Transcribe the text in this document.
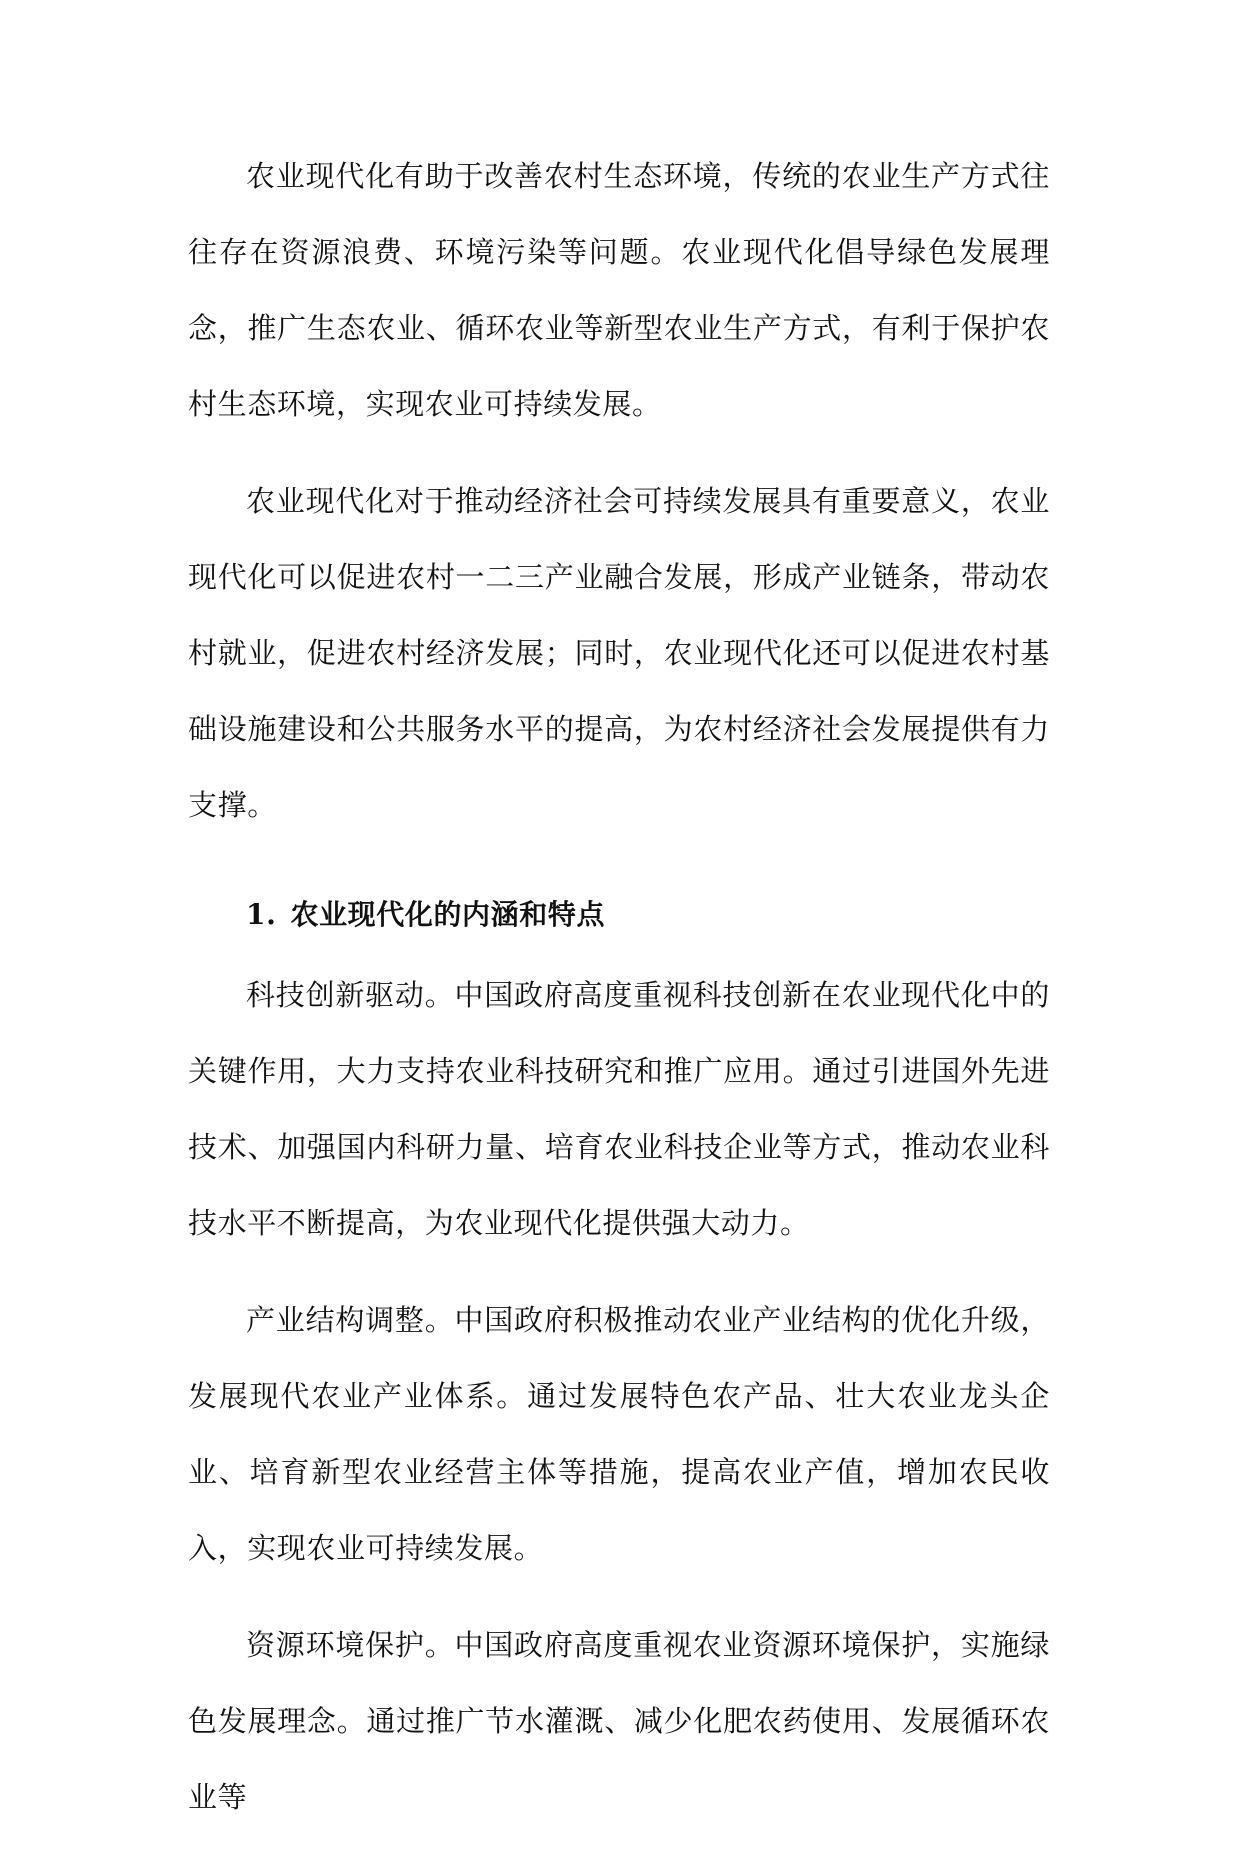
农业现代化有助于改善农村生态环境，传统的农业生产方式往往存在资源浪费、环境污染等问题。农业现代化倡导绿色发展理念，推广生态农业、循环农业等新型农业生产方式，有利于保护农村生态环境，实现农业可持续发展。

农业现代化对于推动经济社会可持续发展具有重要意义，农业现代化可以促进农村一二三产业融合发展，形成产业链条，带动农村就业，促进农村经济发展；同时，农业现代化还可以促进农村基础设施建设和公共服务水平的提高，为农村经济社会发展提供有力支撑。

1. 农业现代化的内涵和特点

科技创新驱动。中国政府高度重视科技创新在农业现代化中的关键作用，大力支持农业科技研究和推广应用。通过引进国外先进技术、加强国内科研力量、培育农业科技企业等方式，推动农业科技水平不断提高，为农业现代化提供强大动力。

产业结构调整。中国政府积极推动农业产业结构的优化升级，发展现代农业产业体系。通过发展特色农产品、壮大农业龙头企业、培育新型农业经营主体等措施，提高农业产值，增加农民收入，实现农业可持续发展。

资源环境保护。中国政府高度重视农业资源环境保护，实施绿色发展理念。通过推广节水灌溉、减少化肥农药使用、发展循环农业等
